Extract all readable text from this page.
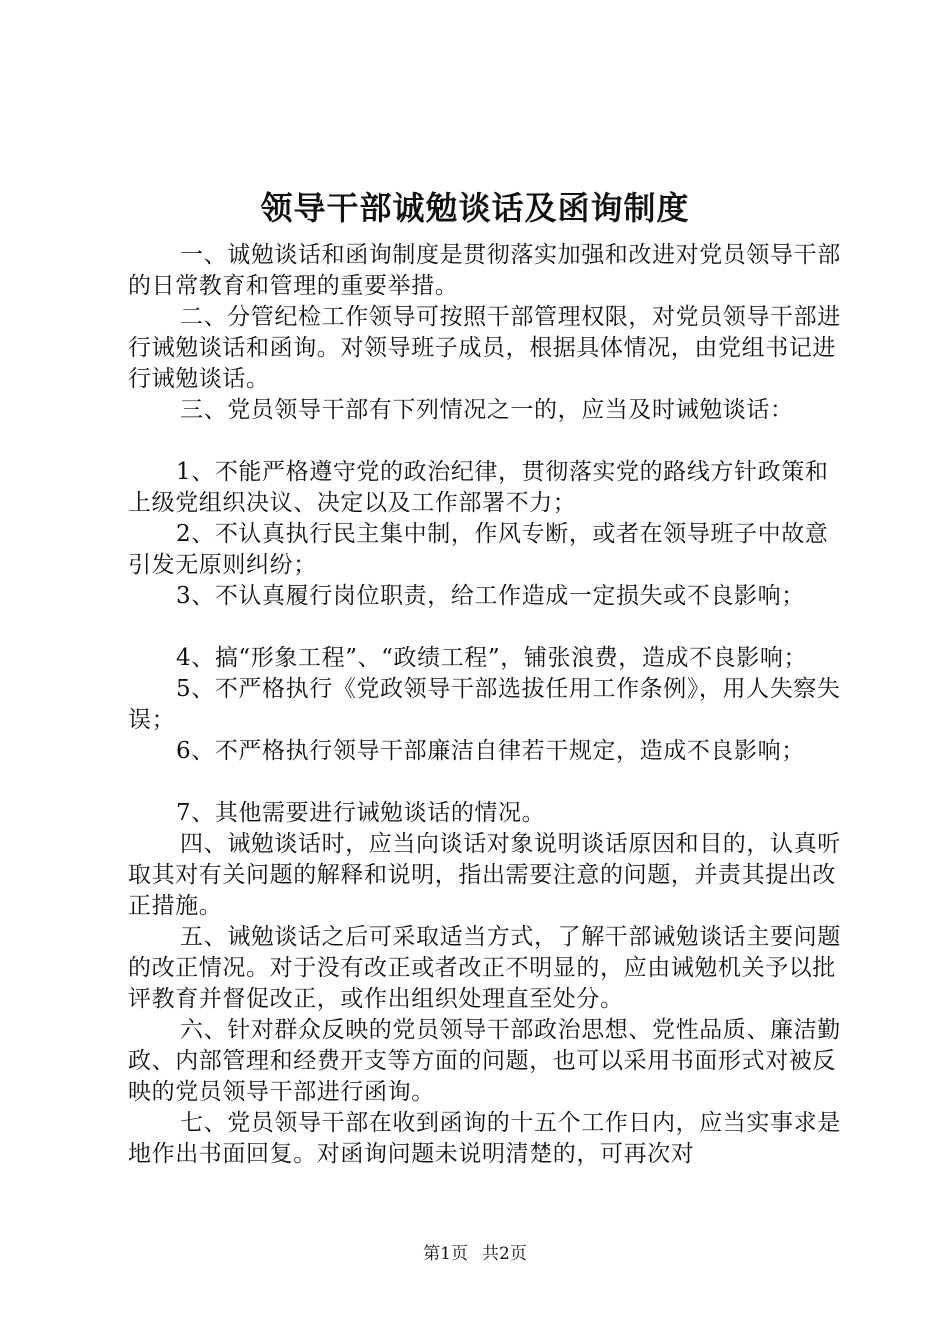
领导干部诚勉谈话及函询制度

一、诚勉谈话和函询制度是贯彻落实加强和改进对党员领导干部的日常教育和管理的重要举措。

二、分管纪检工作领导可按照干部管理权限，对党员领导干部进行诫勉谈话和函询。对领导班子成员，根据具体情况，由党组书记进行诫勉谈话。

三、党员领导干部有下列情况之一的，应当及时诫勉谈话：

1、不能严格遵守党的政治纪律，贯彻落实党的路线方针政策和上级党组织决议、决定以及工作部署不力；

2、不认真执行民主集中制，作风专断，或者在领导班子中故意引发无原则纠纷；

3、不认真履行岗位职责，给工作造成一定损失或不良影响；

4、搞“形象工程”、“政绩工程”，铺张浪费，造成不良影响；

5、不严格执行《党政领导干部选拔任用工作条例》，用人失察失误；

6、不严格执行领导干部廉洁自律若干规定，造成不良影响；

7、其他需要进行诫勉谈话的情况。

四、诫勉谈话时，应当向谈话对象说明谈话原因和目的，认真听取其对有关问题的解释和说明，指出需要注意的问题，并责其提出改正措施。

五、诫勉谈话之后可采取适当方式，了解干部诫勉谈话主要问题的改正情况。对于没有改正或者改正不明显的，应由诫勉机关予以批评教育并督促改正，或作出组织处理直至处分。

六、针对群众反映的党员领导干部政治思想、党性品质、廉洁勤政、内部管理和经费开支等方面的问题，也可以采用书面形式对被反映的党员领导干部进行函询。

七、党员领导干部在收到函询的十五个工作日内，应当实事求是地作出书面回复。对函询问题未说明清楚的，可再次对

第1页 共2页
